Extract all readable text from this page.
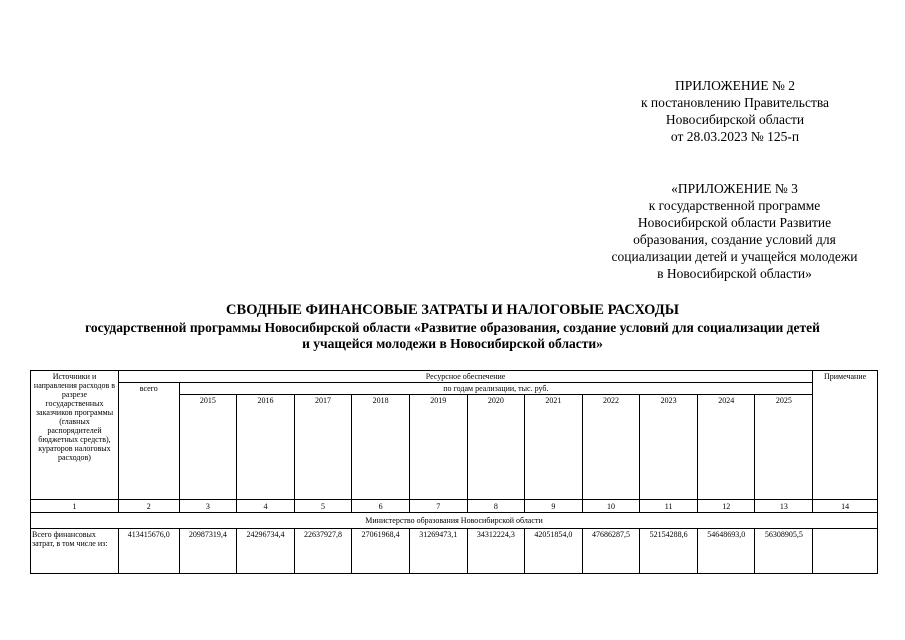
ПРИЛОЖЕНИЕ № 2
к постановлению Правительства
Новосибирской области
от 28.03.2023 № 125-п
«ПРИЛОЖЕНИЕ № 3
к государственной программе
Новосибирской области Развитие
образования, создание условий для
социализации детей и учащейся молодежи
в Новосибирской области»
СВОДНЫЕ ФИНАНСОВЫЕ ЗАТРАТЫ И НАЛОГОВЫЕ РАСХОДЫ
государственной программы Новосибирской области «Развитие образования, создание условий для социализации детей
и учащейся молодежи в Новосибирской области»
Источники и направления расходов в разрезе государственных заказчиков программы (главных распорядителей бюджетных средств), кураторов налоговых расходов)	Ресурсное обеспечение												Примечание
	всего	по годам реализации, тыс. руб.											
		2015	2016	2017	2018	2019	2020	2021	2022	2023	2024	2025	
1	2	3	4	5	6	7	8	9	10	11	12	13	14
Министерство образования Новосибирской области													
Всего финансовых затрат, в том числе из:	413415676,0	20987319,4	24296734,4	22637927,8	27061968,4	31269473,1	34312224,3	42051854,0	47686287,5	52154288,6	54648693,0	56308905,5	
